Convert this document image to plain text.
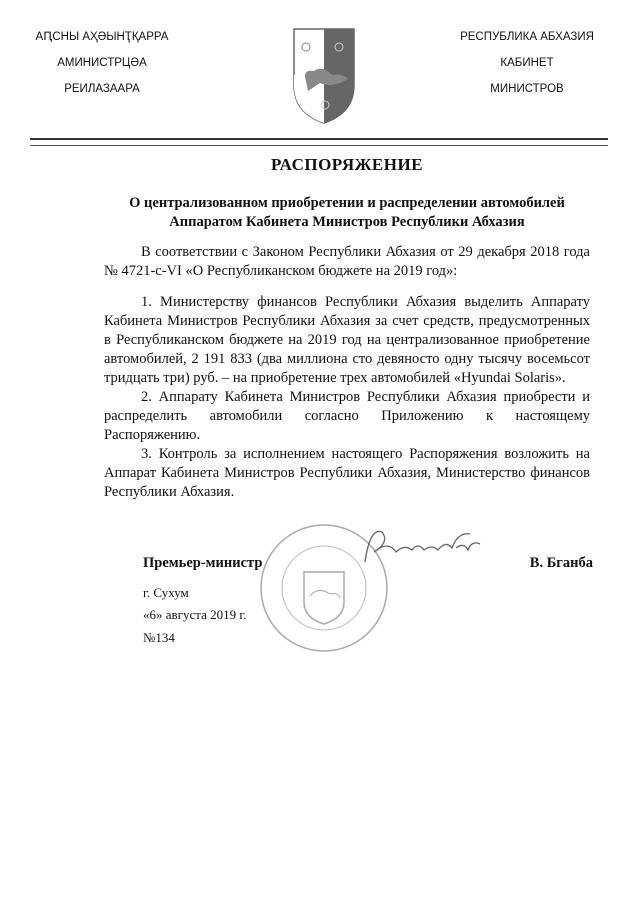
АԤСНЫ АҲӘЫНҬҚАРРА
АМИНИСТРЦӘА
РЕИЛАЗААРА
РЕСПУБЛИКА АБХАЗИЯ
КАБИНЕТ
МИНИСТРОВ
РАСПОРЯЖЕНИЕ
О централизованном приобретении и распределении автомобилей Аппаратом Кабинета Министров Республики Абхазия

В соответствии с Законом Республики Абхазия от 29 декабря 2018 года № 4721-с-VI «О Республиканском бюджете на 2019 год»:

1. Министерству финансов Республики Абхазия выделить Аппарату Кабинета Министров Республики Абхазия за счет средств, предусмотренных в Республиканском бюджете на 2019 год на централизованное приобретение автомобилей, 2 191 833 (два миллиона сто девяносто одну тысячу восемьсот тридцать три) руб. – на приобретение трех автомобилей «Hyundai Solaris».

2. Аппарату Кабинета Министров Республики Абхазия приобрести и распределить автомобили согласно Приложению к настоящему Распоряжению.

3. Контроль за исполнением настоящего Распоряжения возложить на Аппарат Кабинета Министров Республики Абхазия, Министерство финансов Республики Абхазия.

Премьер-министр	В. Бганба
г. Сухум
«6» августа 2019 г.
№134
